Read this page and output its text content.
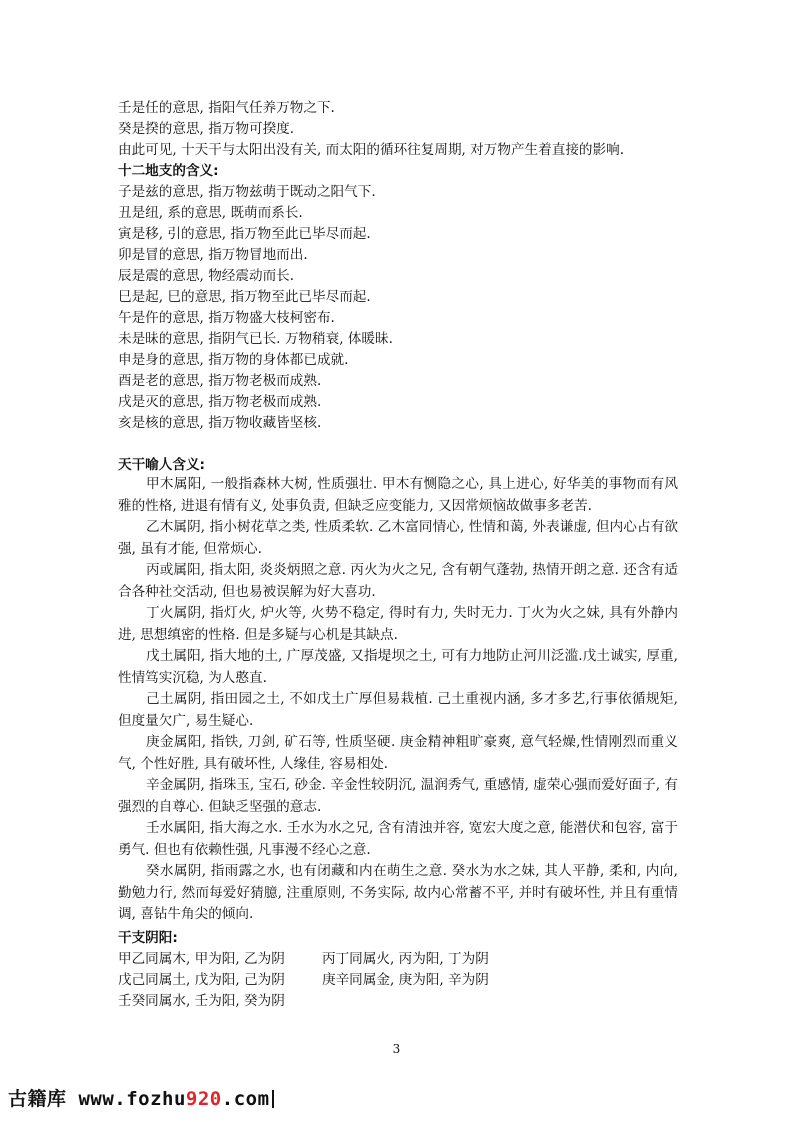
壬是任的意思, 指阳气任养万物之下.
癸是揆的意思, 指万物可揆度.
由此可见, 十天干与太阳出没有关, 而太阳的循环往复周期, 对万物产生着直接的影响.
十二地支的含义:
子是兹的意思, 指万物兹萌于既动之阳气下.
丑是纽, 系的意思, 既萌而系长.
寅是移, 引的意思, 指万物至此已毕尽而起.
卯是冒的意思, 指万物冒地而出.
辰是震的意思, 物经震动而长.
巳是起, 巳的意思, 指万物至此已毕尽而起.
午是仵的意思, 指万物盛大枝柯密布.
未是昧的意思, 指阴气已长. 万物稍衰, 体暖昧.
申是身的意思, 指万物的身体都已成就.
酉是老的意思, 指万物老极而成熟.
戌是灭的意思, 指万物老极而成熟.
亥是核的意思, 指万物收藏皆坚核.
天干喻人含义:
甲木属阳, 一般指森林大树, 性质强壮. 甲木有恻隐之心, 具上进心, 好华美的事物而有风雅的性格, 进退有情有义, 处事负责, 但缺乏应变能力, 又因常烦恼故做事多老苦.
乙木属阴, 指小树花草之类, 性质柔软. 乙木富同情心, 性情和蔼, 外表谦虚, 但内心占有欲强, 虽有才能, 但常烦心.
丙或属阳, 指太阳, 炎炎炳照之意. 丙火为火之兄, 含有朝气蓬勃, 热情开朗之意. 还含有适合各种社交活动, 但也易被误解为好大喜功.
丁火属阴, 指灯火, 炉火等, 火势不稳定, 得时有力, 失时无力. 丁火为火之妹, 具有外静内进, 思想缜密的性格. 但是多疑与心机是其缺点.
戊土属阳, 指大地的土, 广厚茂盛, 又指堤坝之土, 可有力地防止河川泛滥.戊土诚实, 厚重, 性情笃实沉稳, 为人憨直.
己土属阴, 指田园之土, 不如戊土广厚但易栽植. 己土重视内涵, 多才多艺,行事依循规矩, 但度量欠广, 易生疑心.
庚金属阳, 指铁, 刀剑, 矿石等, 性质坚硬. 庚金精神粗旷豪爽, 意气轻燥,性情刚烈而重义气, 个性好胜, 具有破坏性, 人缘佳, 容易相处.
辛金属阴, 指珠玉, 宝石, 砂金. 辛金性较阴沉, 温润秀气, 重感情, 虚荣心强而爱好面子, 有强烈的自尊心. 但缺乏坚强的意志.
壬水属阳, 指大海之水. 壬水为水之兄, 含有清浊并容, 宽宏大度之意, 能潜伏和包容, 富于勇气. 但也有依赖性强, 凡事漫不经心之意.
癸水属阴, 指雨露之水, 也有闭藏和内在萌生之意. 癸水为水之妹, 其人平静, 柔和, 内向, 勤勉力行, 然而每爱好猜臆, 注重原则, 不务实际, 故内心常蓄不平, 并时有破坏性, 并且有重情调, 喜钻牛角尖的倾向.
干支阴阳:
甲乙同属木, 甲为阳, 乙为阴	丙丁同属火, 丙为阳, 丁为阴
戊己同属土, 戊为阳, 己为阴	庚辛同属金, 庚为阳, 辛为阴
壬癸同属水, 壬为阳, 癸为阴
3
古籍库 www.fozhu920.com
